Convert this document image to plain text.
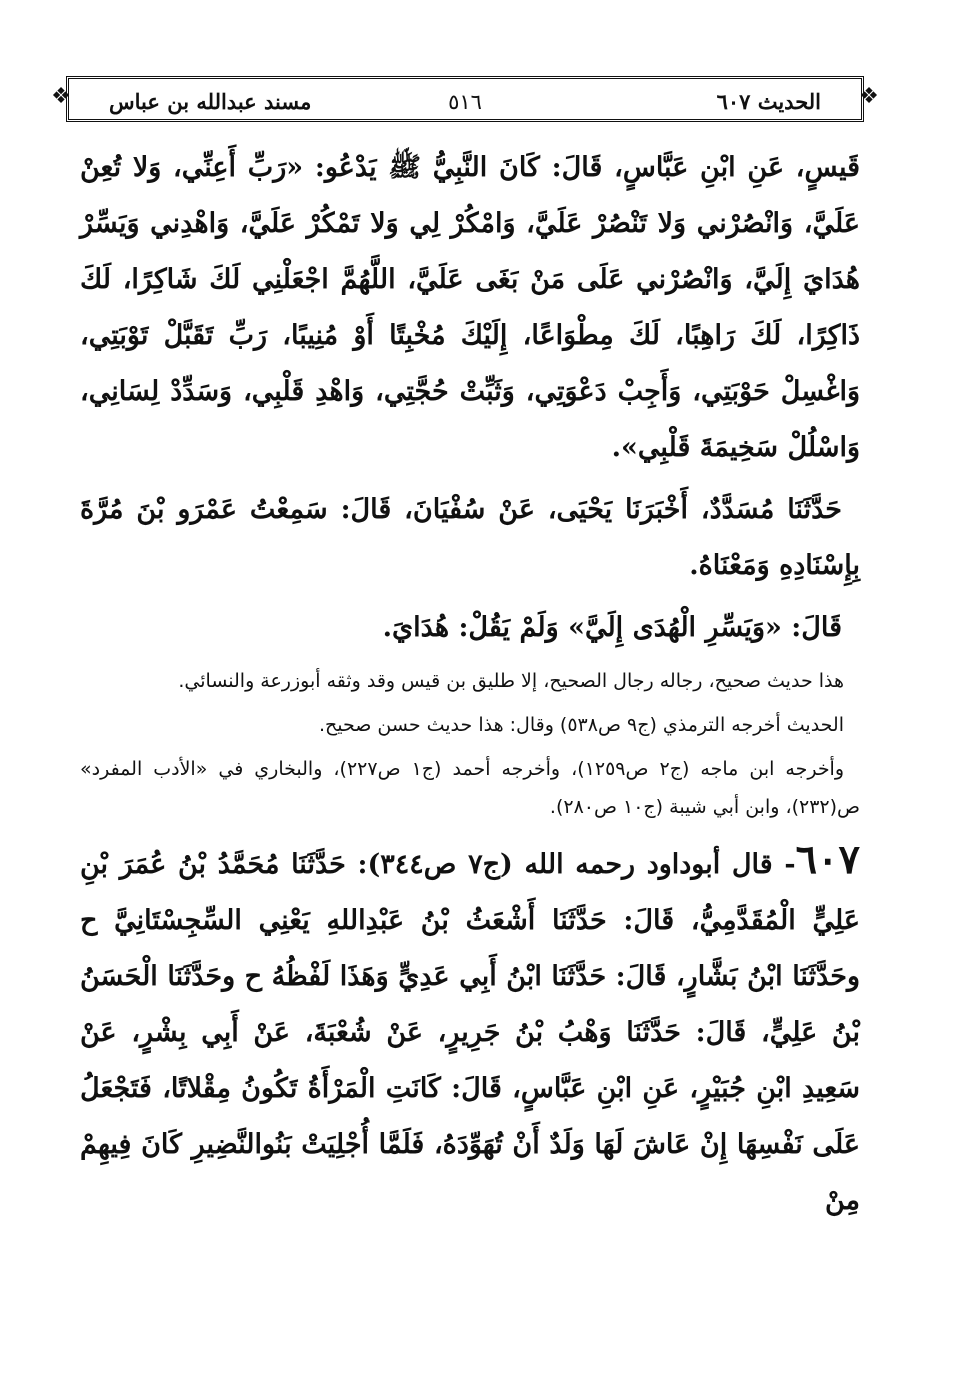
❖	الحديث ٦٠٧
٥١٦
مسند عبدالله بن عباس	❖

قَيسٍ، عَنِ ابْنِ عَبَّاسٍ، قَالَ: كَانَ النَّبِيُّ ﷺ يَدْعُو: «رَبِّ أَعِنِّي، وَلا تُعِنْ عَلَيَّ، وَانْصُرْني وَلا تَنْصُرْ عَلَيَّ، وَامْكُرْ لِي وَلا تَمْكُرْ عَلَيَّ، وَاهْدِني وَيَسِّرْ هُدَايَ إِلَيَّ، وَانْصُرْني عَلَى مَنْ بَغَى عَلَيَّ، اللَّهُمَّ اجْعَلْنِي لَكَ شَاكِرًا، لَكَ ذَاكِرًا، لَكَ رَاهِبًا، لَكَ مِطْوَاعًا، إِلَيْكَ مُخْبِتًا أَوْ مُنِيبًا، رَبِّ تَقَبَّلْ تَوْبَتِي، وَاغْسِلْ حَوْبَتِي، وَأَجِبْ دَعْوَتِي، وَثَبِّتْ حُجَّتِي، وَاهْدِ قَلْبِي، وَسَدِّدْ لِسَانِي، وَاسْلُلْ سَخِيمَةَ قَلْبِي».

حَدَّثَنَا مُسَدَّدٌ، أَخْبَرَنَا يَحْيَى، عَنْ سُفْيَانَ، قَالَ: سَمِعْتُ عَمْرَو بْنَ مُرَّةَ بِإِسْنَادِهِ وَمَعْنَاهُ.

قَالَ: «وَيَسِّرِ الْهُدَى إِلَيَّ» وَلَمْ يَقُلْ: هُدَايَ.

هذا حديث صحيح، رجاله رجال الصحيح، إلا طليق بن قيس وقد وثقه أبوزرعة والنسائي.

الحديث أخرجه الترمذي (ج٩ ص٥٣٨) وقال: هذا حديث حسن صحيح.

وأخرجه ابن ماجه (ج٢ ص١٢٥٩)، وأخرجه أحمد (ج١ ص٢٢٧)، والبخاري في «الأدب المفرد» ص(٢٣٢)، وابن أبي شيبة (ج١٠ ص٢٨٠).

٦٠٧- قال أبوداود رحمه الله (ج٧ ص٣٤٤): حَدَّثَنَا مُحَمَّدُ بْنُ عُمَرَ بْنِ عَلِيٍّ الْمُقَدَّمِيُّ، قَالَ: حَدَّثَنَا أَشْعَثُ بْنُ عَبْدِاللهِ يَعْنِي السِّجِسْتَانِيَّ ح وحَدَّثَنَا ابْنُ بَشَّارٍ، قَالَ: حَدَّثَنَا ابْنُ أَبِي عَدِيٍّ وَهَذَا لَفْظُهُ ح وحَدَّثَنَا الْحَسَنُ بْنُ عَلِيٍّ، قَالَ: حَدَّثَنَا وَهْبُ بْنُ جَرِيرٍ، عَنْ شُعْبَةَ، عَنْ أَبِي بِشْرٍ، عَنْ سَعِيدِ ابْنِ جُبَيْرٍ، عَنِ ابْنِ عَبَّاسٍ، قَالَ: كَانَتِ الْمَرْأَةُ تَكُونُ مِقْلاتًا، فَتَجْعَلُ عَلَى نَفْسِهَا إِنْ عَاشَ لَهَا وَلَدٌ أَنْ تُهَوِّدَهُ، فَلَمَّا أُجْلِيَتْ بَنُوالنَّضِيرِ كَانَ فِيهِمْ مِنْ
